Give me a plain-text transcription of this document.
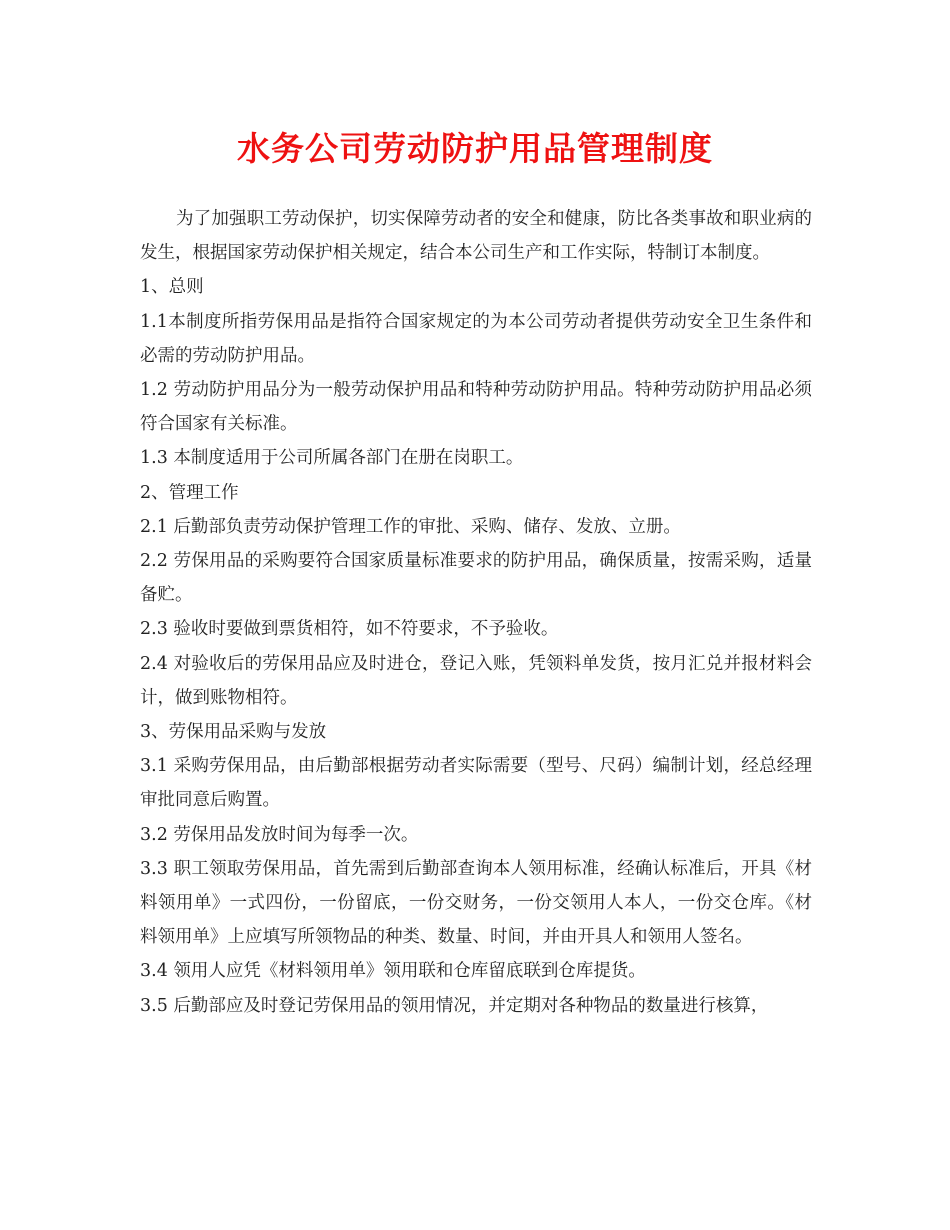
水务公司劳动防护用品管理制度

为了加强职工劳动保护，切实保障劳动者的安全和健康，防比各类事故和职业病的发生，根据国家劳动保护相关规定，结合本公司生产和工作实际，特制订本制度。

1、总则

1.1本制度所指劳保用品是指符合国家规定的为本公司劳动者提供劳动安全卫生条件和必需的劳动防护用品。

1.2 劳动防护用品分为一般劳动保护用品和特种劳动防护用品。特种劳动防护用品必须符合国家有关标准。

1.3 本制度适用于公司所属各部门在册在岗职工。

2、管理工作

2.1 后勤部负责劳动保护管理工作的审批、采购、储存、发放、立册。

2.2 劳保用品的采购要符合国家质量标准要求的防护用品，确保质量，按需采购，适量备贮。

2.3 验收时要做到票货相符，如不符要求，不予验收。

2.4 对验收后的劳保用品应及时进仓，登记入账，凭领料单发货，按月汇兑并报材料会计，做到账物相符。

3、劳保用品采购与发放

3.1 采购劳保用品，由后勤部根据劳动者实际需要（型号、尺码）编制计划，经总经理审批同意后购置。

3.2 劳保用品发放时间为每季一次。

3.3 职工领取劳保用品，首先需到后勤部查询本人领用标准，经确认标准后，开具《材料领用单》一式四份，一份留底，一份交财务，一份交领用人本人，一份交仓库。《材料领用单》上应填写所领物品的种类、数量、时间，并由开具人和领用人签名。

3.4 领用人应凭《材料领用单》领用联和仓库留底联到仓库提货。

3.5 后勤部应及时登记劳保用品的领用情况，并定期对各种物品的数量进行核算，
